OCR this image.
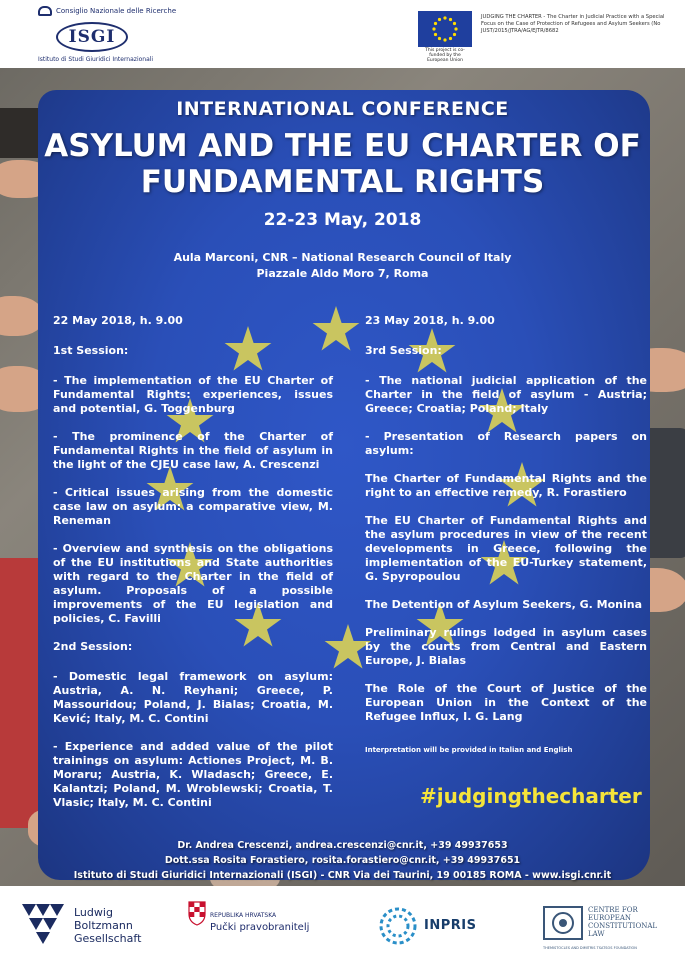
Consiglio Nazionale delle Ricerche
ISGI
Istituto di Studi Giuridici Internazionali
This project is co-funded by the European Union
JUDGING THE CHARTER - The Charter in Judicial Practice with a Special Focus on the Case of Protection of Refugees and Asylum Seekers (No JUST/2015/JTRA/AG/EJTR/8682
INTERNATIONAL CONFERENCE
ASYLUM AND THE EU CHARTER OF
FUNDAMENTAL RIGHTS
22-23 May, 2018
Aula Marconi, CNR – National Research Council of Italy
Piazzale Aldo Moro 7, Roma
22 May 2018, h. 9.00
1st Session:
- The implementation of the EU Charter of Fundamental Rights: experiences, issues and potential, G. Toggenburg
- The prominence of the Charter of Fundamental Rights in the field of asylum in the light of the CJEU case law, A. Crescenzi
- Critical issues arising from the domestic case law on asylum: a comparative view, M. Reneman
- Overview and synthesis on the obligations of the EU institutions and State authorities with regard to the Charter in the field of asylum. Proposals of a possible improvements of the EU legislation and policies, C. Favilli
2nd Session:
- Domestic legal framework on asylum: Austria, A. N. Reyhani; Greece, P. Massouridou; Poland, J. Bialas; Croatia, M. Kević; Italy, M. C. Contini
- Experience and added value of the pilot trainings on asylum: Actiones Project, M. B. Moraru; Austria, K. Wladasch; Greece, E. Kalantzi; Poland, M. Wroblewski; Croatia, T. Vlasic; Italy, M. C. Contini
23 May 2018, h. 9.00
3rd Session:
- The national judicial application of the Charter in the field of asylum - Austria; Greece; Croatia; Poland; Italy
- Presentation of Research papers on asylum:
The Charter of Fundamental Rights and the right to an effective remedy, R. Forastiero
The EU Charter of Fundamental Rights and the asylum procedures in view of the recent developments in Greece, following the implementation of the EU-Turkey statement, G. Spyropoulou
The Detention of Asylum Seekers, G. Monina
Preliminary rulings lodged in asylum cases by the courts from Central and Eastern Europe, J. Bialas
The Role of the Court of Justice of the European Union in the Context of the Refugee Influx, I. G. Lang
Interpretation will be provided in Italian and English
#judgingthecharter
Dr. Andrea Crescenzi, andrea.crescenzi@cnr.it, +39 49937653
Dott.ssa Rosita Forastiero, rosita.forastiero@cnr.it, +39 49937651
Istituto di Studi Giuridici Internazionali (ISGI) - CNR Via dei Taurini, 19 00185 ROMA - www.isgi.cnr.it
Ludwig
Boltzmann
Gesellschaft
REPUBLIKA HRVATSKA
Pučki pravobranitelj	INPRIS
CENTRE FOR
EUROPEAN
CONSTITUTIONAL
LAW
THEMISTOCLES AND DIMITRIS TSATSOS FOUNDATION
